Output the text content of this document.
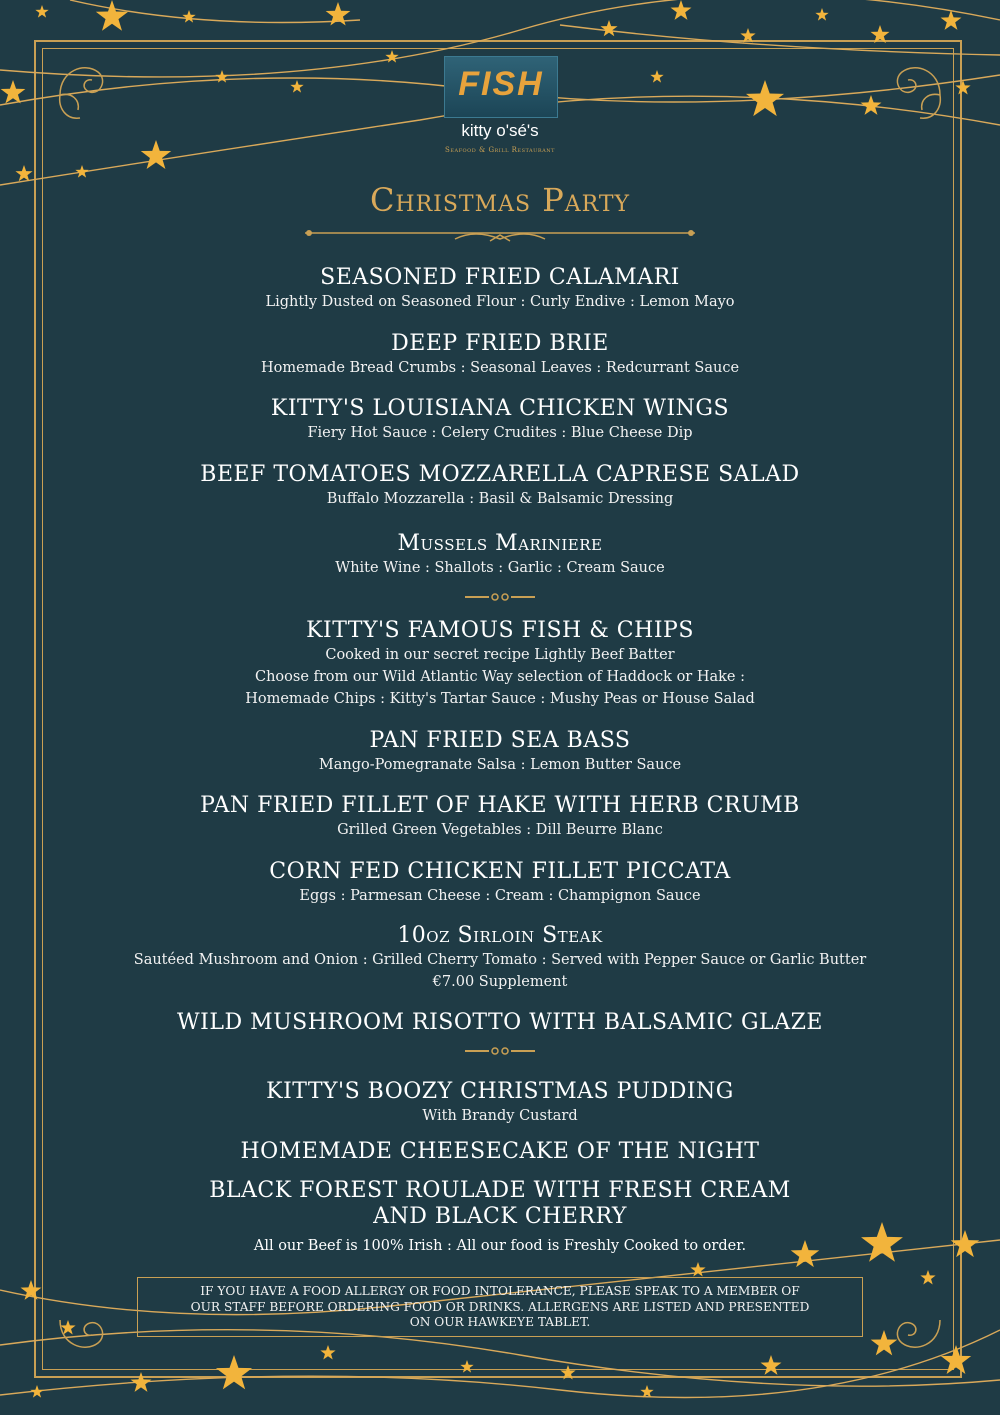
FISH
kitty o'sé's
Seafood & Grill Restaurant
Christmas Party
SEASONED FRIED CALAMARI
Lightly Dusted on Seasoned Flour : Curly Endive : Lemon Mayo
DEEP FRIED BRIE
Homemade Bread Crumbs : Seasonal Leaves : Redcurrant Sauce
KITTY'S LOUISIANA CHICKEN WINGS
Fiery Hot Sauce : Celery Crudites : Blue Cheese Dip
BEEF TOMATOES MOZZARELLA CAPRESE SALAD
Buffalo Mozzarella : Basil & Balsamic Dressing
Mussels Mariniere
White Wine : Shallots : Garlic : Cream Sauce
KITTY'S FAMOUS FISH & CHIPS
Cooked in our secret recipe Lightly Beef Batter
Choose from our Wild Atlantic Way selection of Haddock or Hake :
Homemade Chips : Kitty's Tartar Sauce : Mushy Peas or House Salad
PAN FRIED SEA BASS
Mango-Pomegranate Salsa : Lemon Butter Sauce
PAN FRIED FILLET OF HAKE WITH HERB CRUMB
Grilled Green Vegetables : Dill Beurre Blanc
CORN FED CHICKEN FILLET PICCATA
Eggs : Parmesan Cheese : Cream : Champignon Sauce
10oz Sirloin Steak
Sautéed Mushroom and Onion : Grilled Cherry Tomato : Served with Pepper Sauce or Garlic Butter
€7.00 Supplement
WILD MUSHROOM RISOTTO WITH BALSAMIC GLAZE
KITTY'S BOOZY CHRISTMAS PUDDING
With Brandy Custard
HOMEMADE CHEESECAKE OF THE NIGHT
BLACK FOREST ROULADE WITH FRESH CREAM
AND BLACK CHERRY
All our Beef is 100% Irish : All our food is Freshly Cooked to order.
IF YOU HAVE A FOOD ALLERGY OR FOOD INTOLERANCE, PLEASE SPEAK TO A MEMBER OF
OUR STAFF BEFORE ORDERING FOOD OR DRINKS. ALLERGENS ARE LISTED AND PRESENTED
ON OUR HAWKEYE TABLET.
